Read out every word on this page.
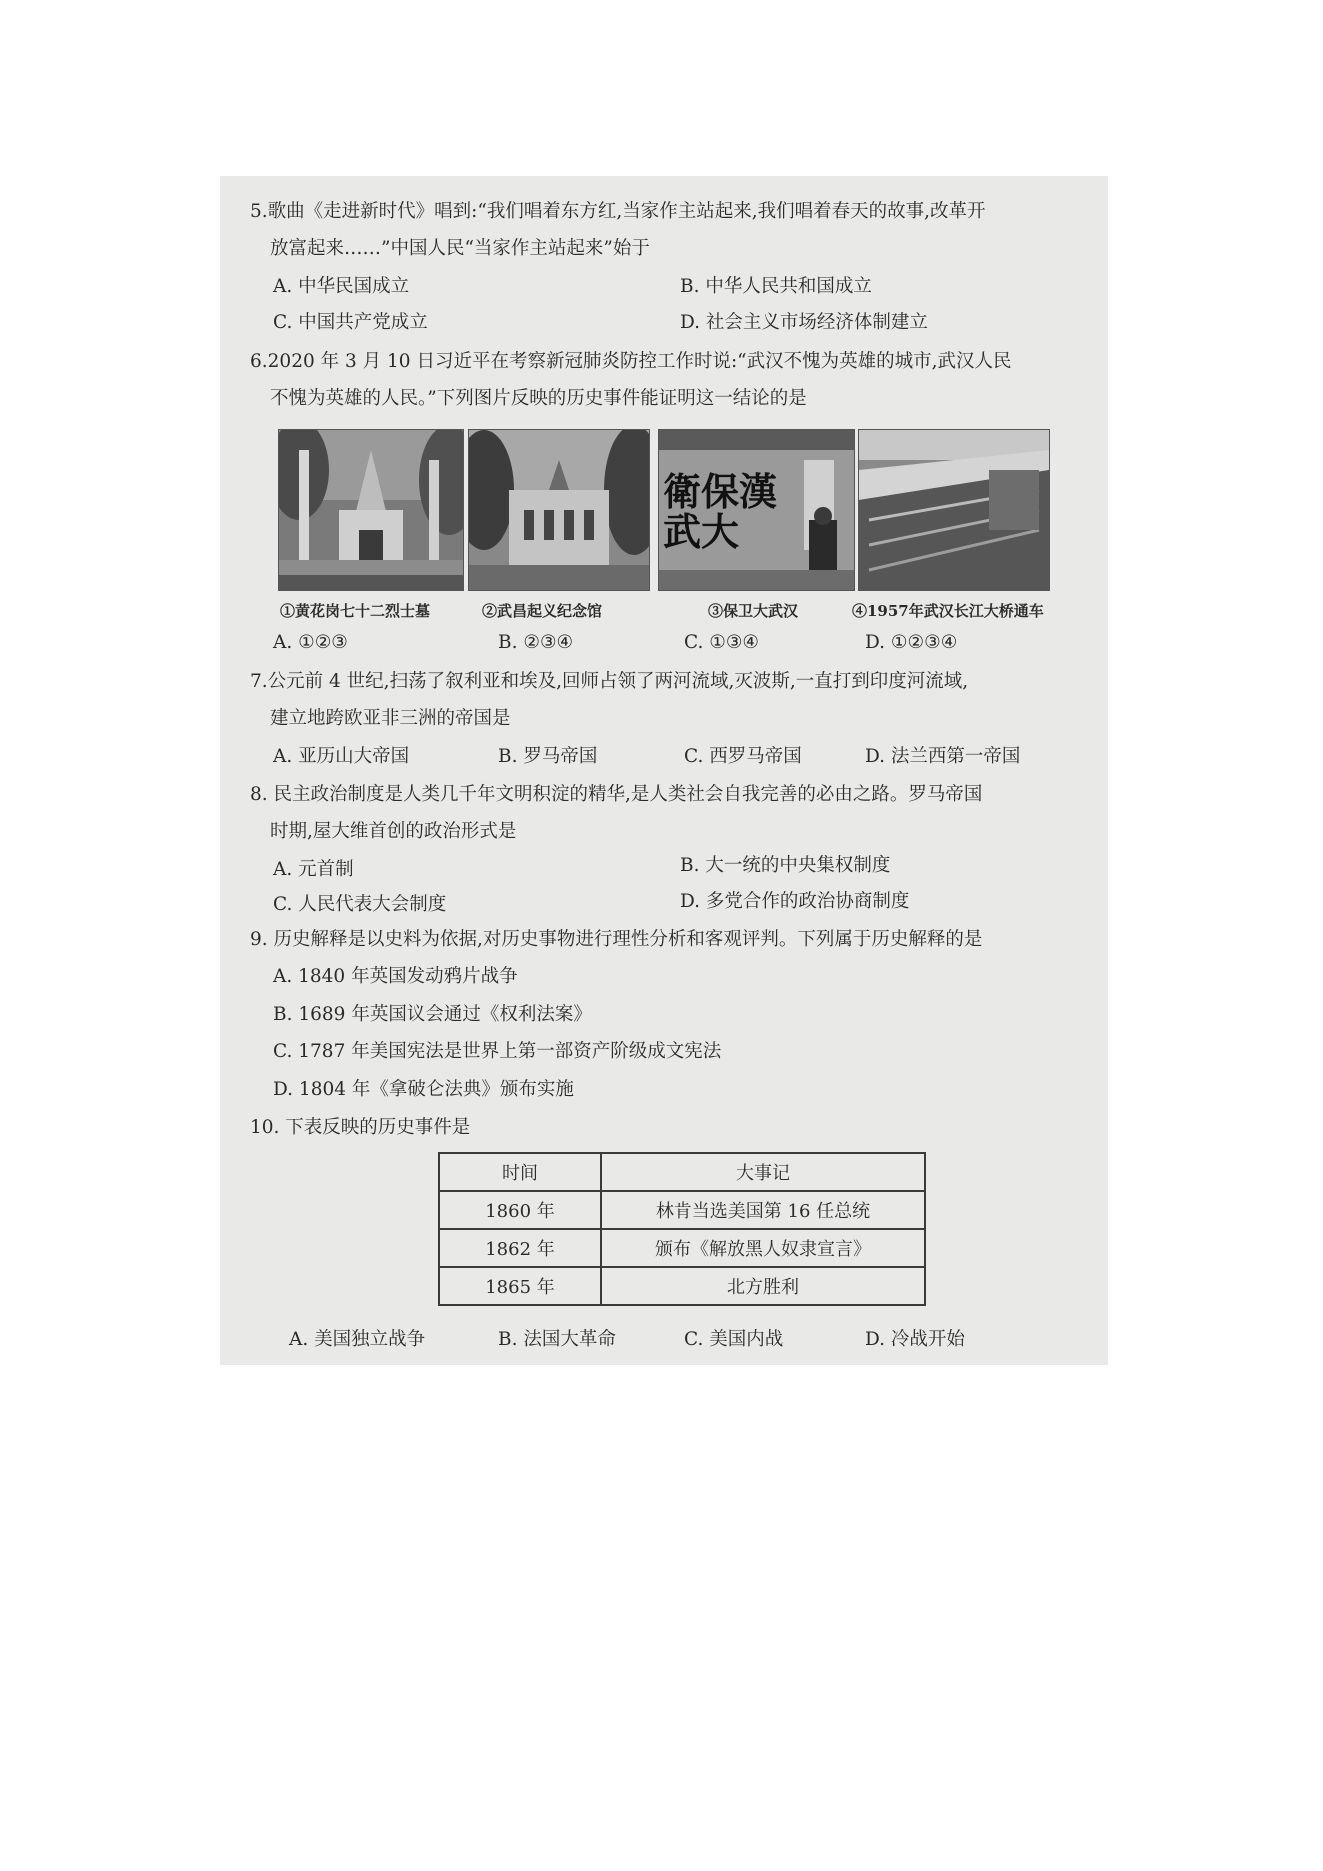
5.歌曲《走进新时代》唱到:“我们唱着东方红,当家作主站起来,我们唱着春天的故事,改革开
放富起来……”中国人民“当家作主站起来”始于
A. 中华民国成立	B. 中华人民共和国成立
C. 中国共产党成立	D. 社会主义市场经济体制建立
6.2020 年 3 月 10 日习近平在考察新冠肺炎防控工作时说:“武汉不愧为英雄的城市,武汉人民
不愧为英雄的人民。”下列图片反映的历史事件能证明这一结论的是
衛保漢武大
①黄花岗七十二烈士墓	②武昌起义纪念馆	③保卫大武汉	④1957年武汉长江大桥通车
A. ①②③	B. ②③④	C. ①③④	D. ①②③④
7.公元前 4 世纪,扫荡了叙利亚和埃及,回师占领了两河流域,灭波斯,一直打到印度河流域,
建立地跨欧亚非三洲的帝国是
A. 亚历山大帝国	B. 罗马帝国	C. 西罗马帝国	D. 法兰西第一帝国
8. 民主政治制度是人类几千年文明积淀的精华,是人类社会自我完善的必由之路。罗马帝国
时期,屋大维首创的政治形式是
A. 元首制	B. 大一统的中央集权制度
C. 人民代表大会制度	D. 多党合作的政治协商制度
9. 历史解释是以史料为依据,对历史事物进行理性分析和客观评判。下列属于历史解释的是
A. 1840 年英国发动鸦片战争
B. 1689 年英国议会通过《权利法案》
C. 1787 年美国宪法是世界上第一部资产阶级成文宪法
D. 1804 年《拿破仑法典》颁布实施
10. 下表反映的历史事件是
时间	大事记
1860 年	林肯当选美国第 16 任总统
1862 年	颁布《解放黑人奴隶宣言》
1865 年	北方胜利
A. 美国独立战争	B. 法国大革命	C. 美国内战	D. 冷战开始
